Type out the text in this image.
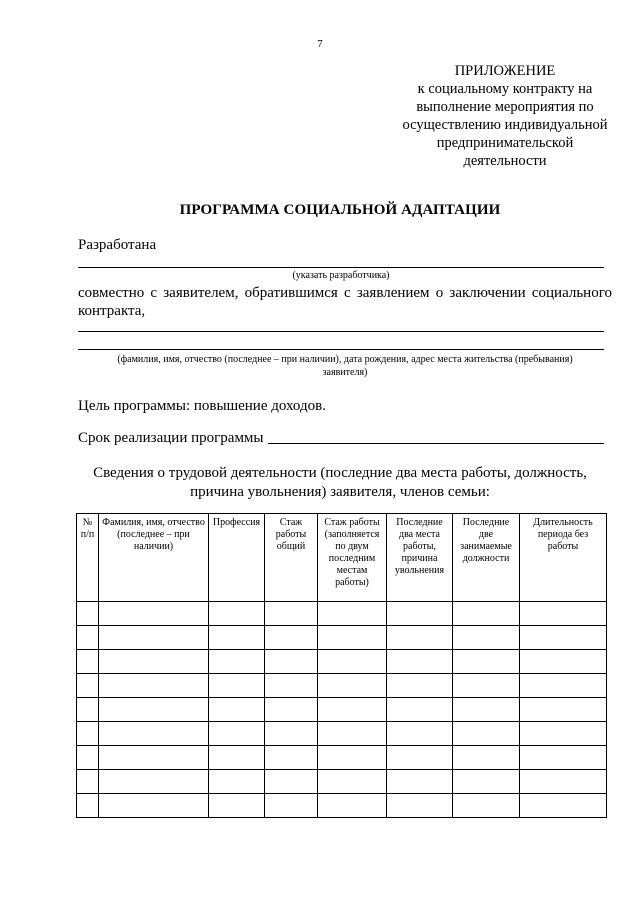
7
ПРИЛОЖЕНИЕ
к социальному контракту на
выполнение мероприятия по
осуществлению индивидуальной
предпринимательской
деятельности
ПРОГРАММА СОЦИАЛЬНОЙ АДАПТАЦИИ
Разработана
(указать разработчика)
совместно с заявителем, обратившимся с заявлением о заключении социального контракта,
(фамилия, имя, отчество (последнее – при наличии), дата рождения, адрес места жительства (пребывания)
заявителя)
Цель программы: повышение доходов.
Срок реализации программы
Сведения о трудовой деятельности (последние два места работы, должность,
причина увольнения) заявителя, членов семьи:
№ п/п	Фамилия, имя, отчество (последнее – при наличии)	Профессия	Стаж работы общий	Стаж работы (заполняется по двум последним местам работы)	Последние два места работы, причина увольнения	Последние две занимаемые должности	Длительность периода без работы
